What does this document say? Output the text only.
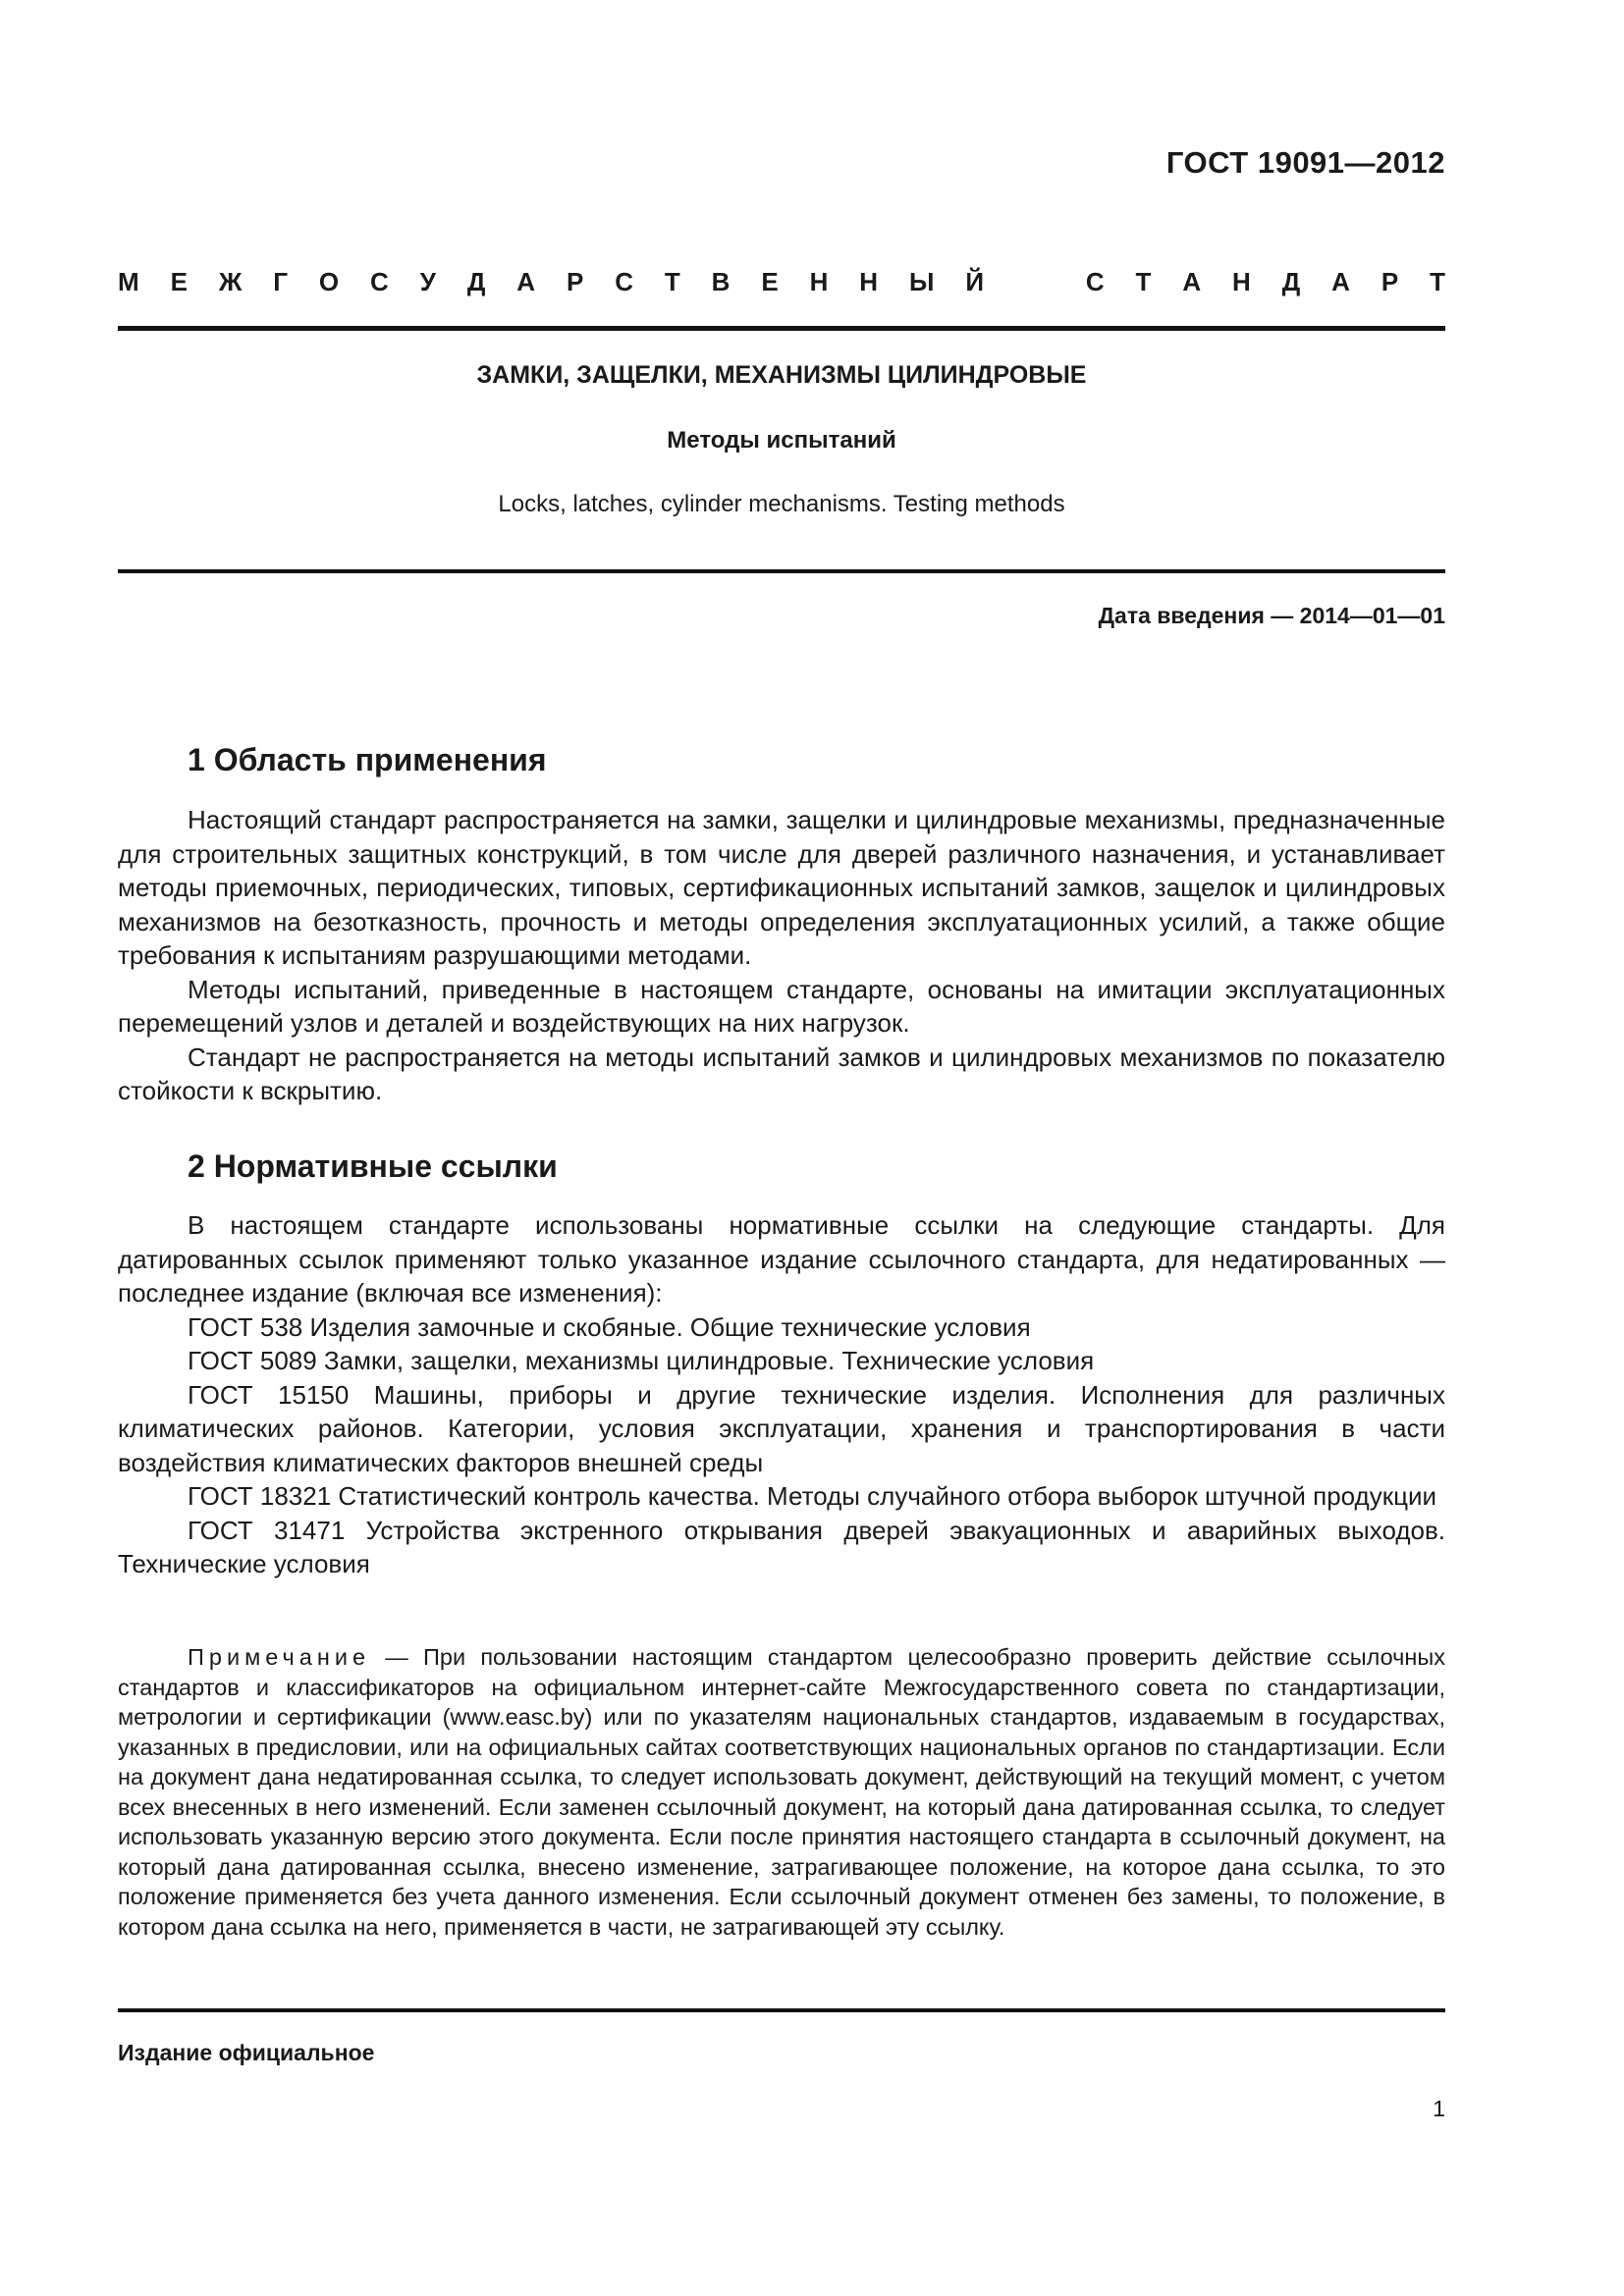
ГОСТ 19091—2012
М Е Ж Г О С У Д А Р С Т В Е Н Н Ы Й	С Т А Н Д А Р Т
ЗАМКИ, ЗАЩЕЛКИ, МЕХАНИЗМЫ ЦИЛИНДРОВЫЕ
Методы испытаний
Locks, latches, cylinder mechanisms. Testing methods
Дата введения — 2014—01—01
1 Область применения

Настоящий стандарт распространяется на замки, защелки и цилиндровые механизмы, предназначенные для строительных защитных конструкций, в том числе для дверей различного назначения, и устанавливает методы приемочных, периодических, типовых, сертификационных испытаний замков, защелок и цилиндровых механизмов на безотказность, прочность и методы определения эксплуатационных усилий, а также общие требования к испытаниям разрушающими методами.

Методы испытаний, приведенные в настоящем стандарте, основаны на имитации эксплуатационных перемещений узлов и деталей и воздействующих на них нагрузок.

Стандарт не распространяется на методы испытаний замков и цилиндровых механизмов по показателю стойкости к вскрытию.

2 Нормативные ссылки

В настоящем стандарте использованы нормативные ссылки на следующие стандарты. Для датированных ссылок применяют только указанное издание ссылочного стандарта, для недатированных — последнее издание (включая все изменения):

ГОСТ 538 Изделия замочные и скобяные. Общие технические условия

ГОСТ 5089 Замки, защелки, механизмы цилиндровые. Технические условия

ГОСТ 15150 Машины, приборы и другие технические изделия. Исполнения для различных климатических районов. Категории, условия эксплуатации, хранения и транспортирования в части воздействия климатических факторов внешней среды

ГОСТ 18321 Статистический контроль качества. Методы случайного отбора выборок штучной продукции

ГОСТ 31471 Устройства экстренного открывания дверей эвакуационных и аварийных выходов. Технические условия

Примечание — При пользовании настоящим стандартом целесообразно проверить действие ссылочных стандартов и классификаторов на официальном интернет-сайте Межгосударственного совета по стандартизации, метрологии и сертификации (www.easc.by) или по указателям национальных стандартов, издаваемым в государствах, указанных в предисловии, или на официальных сайтах соответствующих национальных органов по стандартизации. Если на документ дана недатированная ссылка, то следует использовать документ, действующий на текущий момент, с учетом всех внесенных в него изменений. Если заменен ссылочный документ, на который дана датированная ссылка, то следует использовать указанную версию этого документа. Если после принятия настоящего стандарта в ссылочный документ, на который дана датированная ссылка, внесено изменение, затрагивающее положение, на которое дана ссылка, то это положение применяется без учета данного изменения. Если ссылочный документ отменен без замены, то положение, в котором дана ссылка на него, применяется в части, не затрагивающей эту ссылку.

Издание официальное
1
